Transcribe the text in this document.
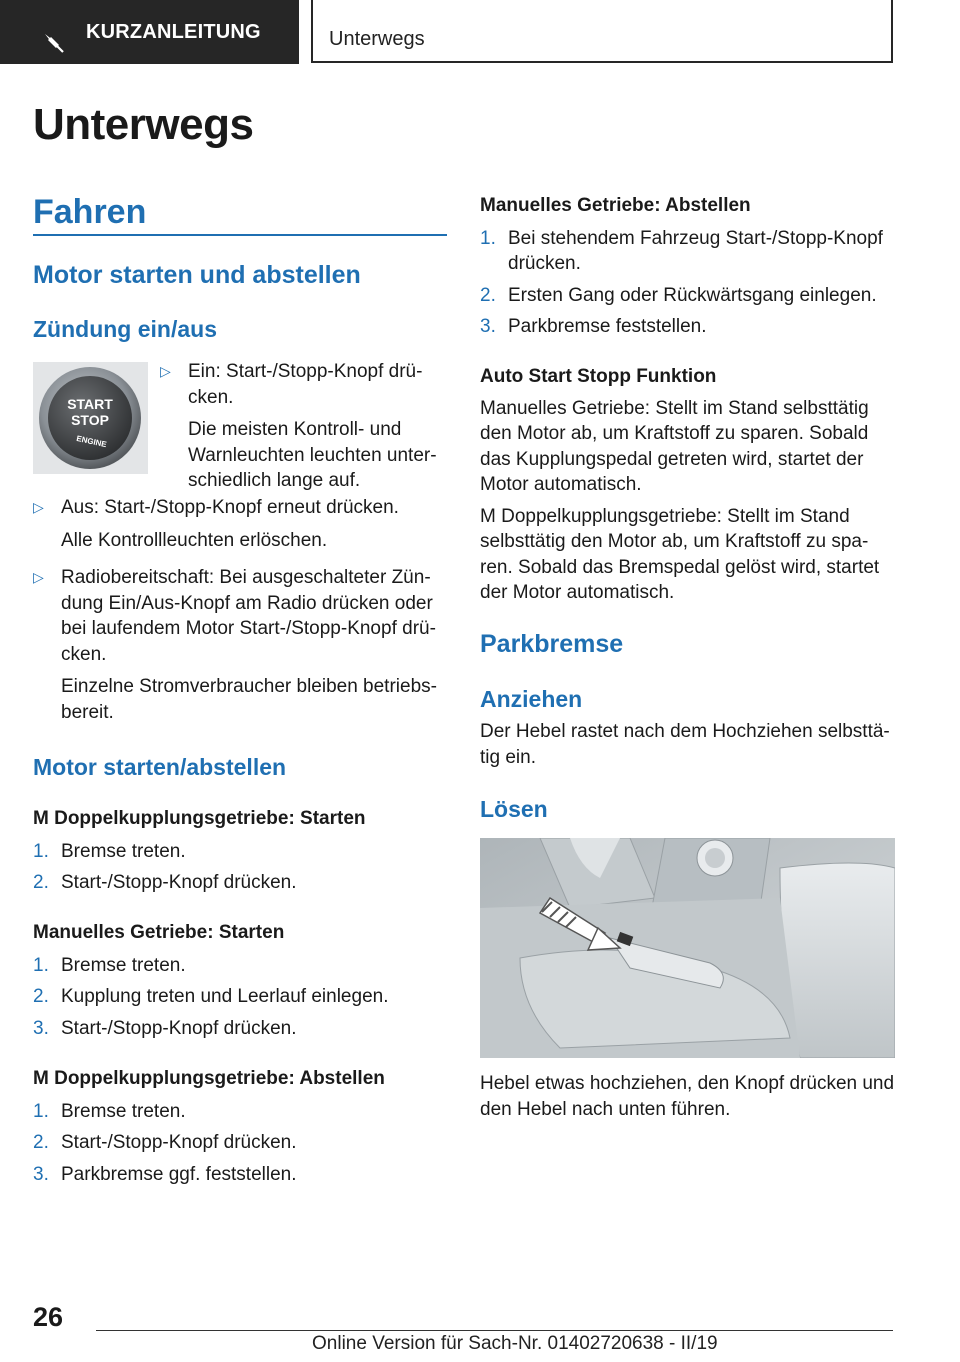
KURZANLEITUNG	Unterwegs
Unterwegs
Fahren
Motor starten und abstellen
Zündung ein/aus
START
STOP
ENGINE
▷ Ein: Start-/Stopp-Knopf drü-cken.

Die meisten Kontroll- und Warnleuchten leuchten unter-schiedlich lange auf.

▷ Aus: Start-/Stopp-Knopf erneut drücken.

Alle Kontrollleuchten erlöschen.

▷ Radiobereitschaft: Bei ausgeschalteter Zün-dung Ein/Aus-Knopf am Radio drücken oder bei laufendem Motor Start-/Stopp-Knopf drü-cken.

Einzelne Stromverbraucher bleiben betriebs-bereit.

Motor starten/abstellen
M Doppelkupplungsgetriebe: Starten
1. Bremse treten.
2. Start-/Stopp-Knopf drücken.
Manuelles Getriebe: Starten
1. Bremse treten.
2. Kupplung treten und Leerlauf einlegen.
3. Start-/Stopp-Knopf drücken.
M Doppelkupplungsgetriebe: Abstellen
1. Bremse treten.
2. Start-/Stopp-Knopf drücken.
3. Parkbremse ggf. feststellen.
Manuelles Getriebe: Abstellen
1. Bei stehendem Fahrzeug Start-/Stopp-Knopf drücken.
2. Ersten Gang oder Rückwärtsgang einlegen.
3. Parkbremse feststellen.
Auto Start Stopp Funktion
Manuelles Getriebe: Stellt im Stand selbsttätig den Motor ab, um Kraftstoff zu sparen. Sobald das Kupplungspedal getreten wird, startet der Motor automatisch.
M Doppelkupplungsgetriebe: Stellt im Stand selbsttätig den Motor ab, um Kraftstoff zu spa-ren. Sobald das Bremspedal gelöst wird, startet der Motor automatisch.
Parkbremse
Anziehen
Der Hebel rastet nach dem Hochziehen selbsttä-tig ein.
Lösen
Hebel etwas hochziehen, den Knopf drücken und den Hebel nach unten führen.
26
Online Version für Sach-Nr. 01402720638 - II/19
